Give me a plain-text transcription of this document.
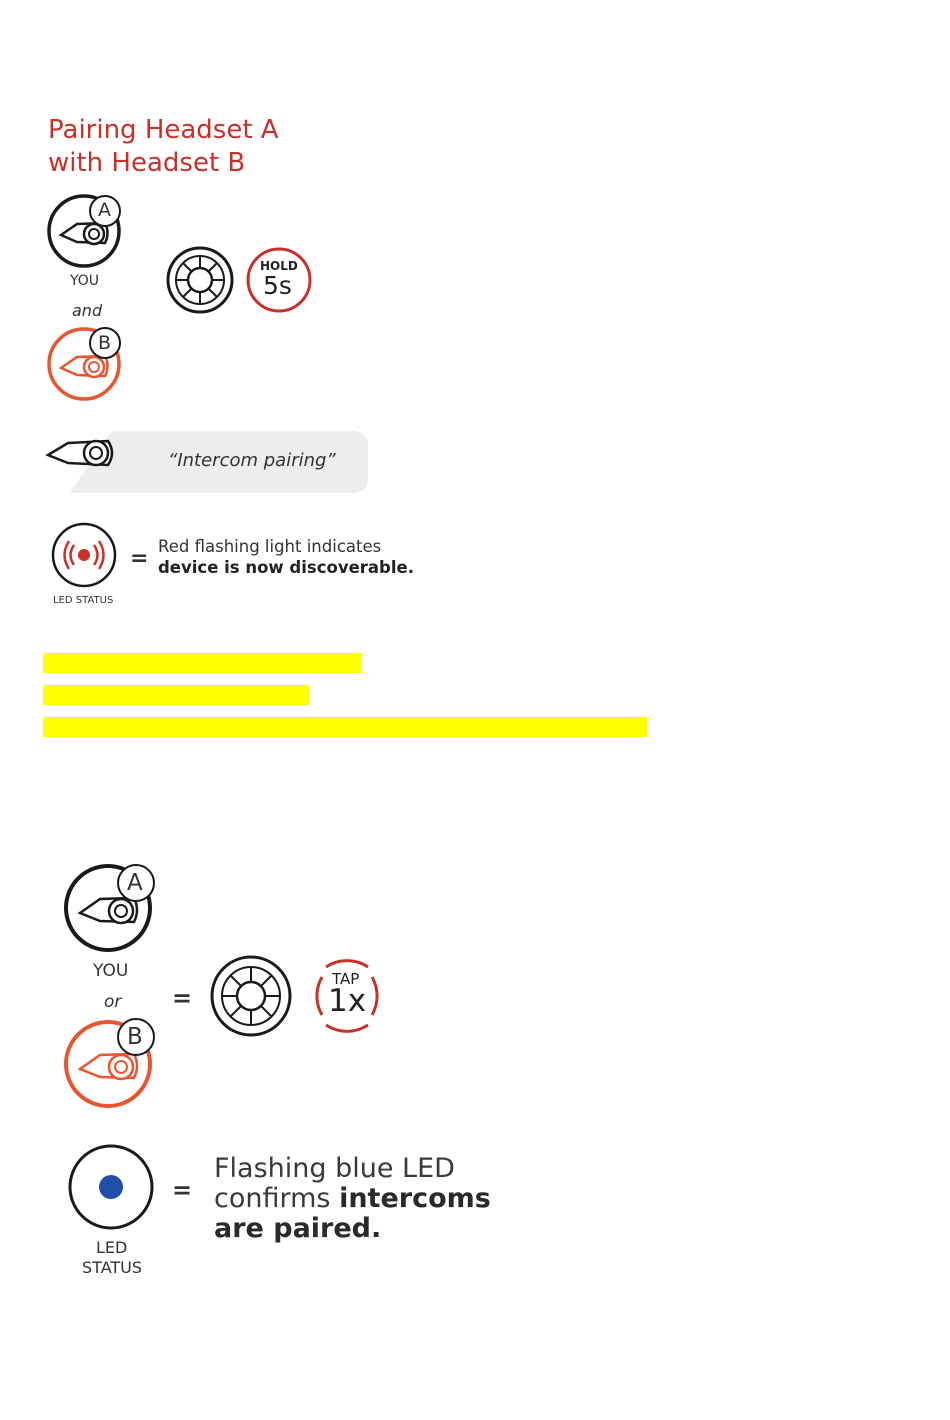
Pairing Headset A
with Headset B
A
YOU
and
B
HOLD
5s
“Intercom pairing”
=
LED STATUS
Red flashing light indicates
device is now discoverable.
A
YOU
or
B
=
TAP
1x
=
LED
STATUS
Flashing blue LED
confirms intercoms
are paired.
